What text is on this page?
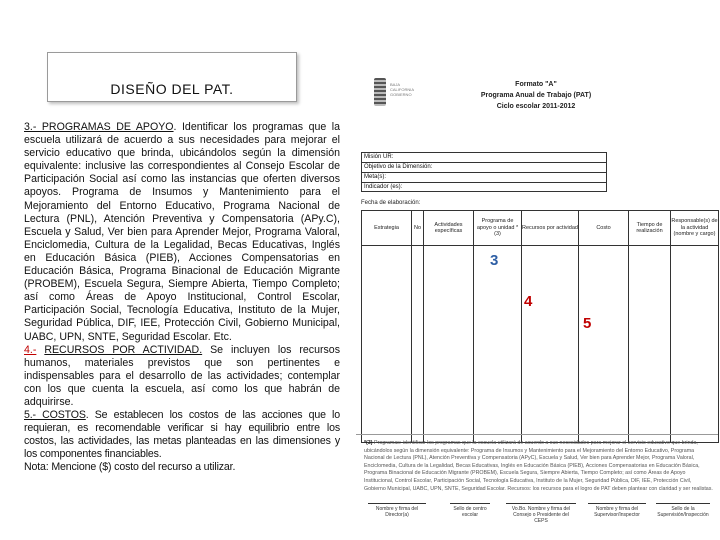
DISEÑO DEL PAT.

3.- PROGRAMAS DE APOYO. Identificar los programas que la escuela utilizará de acuerdo a sus necesidades para mejorar el servicio educativo que brinda, ubicándolos según la dimensión equivalente: inclusive las correspondientes al Consejo Escolar de Participación Social así como las instancias que oferten diversos apoyos. Programa de Insumos y Mantenimiento para el Mejoramiento del Entorno Educativo, Programa Nacional de Lectura (PNL), Atención Preventiva y Compensatoria (APy.C), Escuela y Salud, Ver bien para Aprender Mejor, Programa Valoral, Enciclomedia, Cultura de la Legalidad, Becas Educativas, Inglés en Educación Básica (PIEB), Acciones Compensatorias en Educación Básica, Programa Binacional de Educación Migrante (PROBEM), Escuela Segura, Siempre Abierta, Tiempo Completo; así como Áreas de Apoyo Institucional, Control Escolar, Participación Social, Tecnología Educativa, Instituto de la Mujer, Seguridad Pública, DIF, IEE, Protección Civil, Gobierno Municipal, UABC, UPN, SNTE, Seguridad Escolar. Etc.

4.- RECURSOS POR ACTIVIDAD. Se incluyen los recursos humanos, materiales previstos que son pertinentes e indispensables para el desarrollo de las actividades; contemplar con los que cuenta la escuela, así como los que habrán de adquirirse.

5.- COSTOS. Se establecen los costos de las acciones que lo requieran, es recomendable verificar si hay equilibrio entre los costos, las actividades, las metas planteadas en las dimensiones y los componentes financiables.

Nota: Mencione ($) costo del recurso a utilizar.

BAJA
CALIFORNIA
GOBIERNO
Formato "A"
Programa Anual de Trabajo (PAT)
Ciclo escolar 2011-2012
Misión UR:
Objetivo de la Dimensión:
Meta(s):
Indicador (es):
Fecha de elaboración:
Estrategia	No	Actividades específicas	Programa de apoyo o unidad *(3)	Recursos por actividad	Costo	Tiempo de realización	Responsable(s) de la actividad (nombre y cargo)

3
4
5
*(3) Programas: identificar los programas que la escuela utilizará de acuerdo a sus necesidades para mejorar el servicio educativo que brinda, ubicándolos según la dimensión equivalente: Programa de Insumos y Mantenimiento para el Mejoramiento del Entorno Educativo, Programa Nacional de Lectura (PNL), Atención Preventiva y Compensatoria (APyC), Escuela y Salud, Ver bien para Aprender Mejor, Programa Valoral, Enciclomedia, Cultura de la Legalidad, Becas Educativas, Inglés en Educación Básica (PIEB), Acciones Compensatorias en Educación Básica, Programa Binacional de Educación Migrante (PROBEM), Escuela Segura, Siempre Abierta, Tiempo Completo; así como Áreas de Apoyo Institucional, Control Escolar, Participación Social, Tecnología Educativa, Instituto de la Mujer, Seguridad Pública, DIF, IEE, Protección Civil, Gobierno Municipal, UABC, UPN, SNTE, Seguridad Escolar. Recursos: los recursos para el logro de PAT deben plantear con claridad y ser realistas.
Nombre y firma del Director(a)
Sello de centro escolar
Vo.Bo. Nombre y firma del Consejo o Presidente del CEPS
Nombre y firma del Supervisor/Inspector
Sello de la Supervisión/Inspección
